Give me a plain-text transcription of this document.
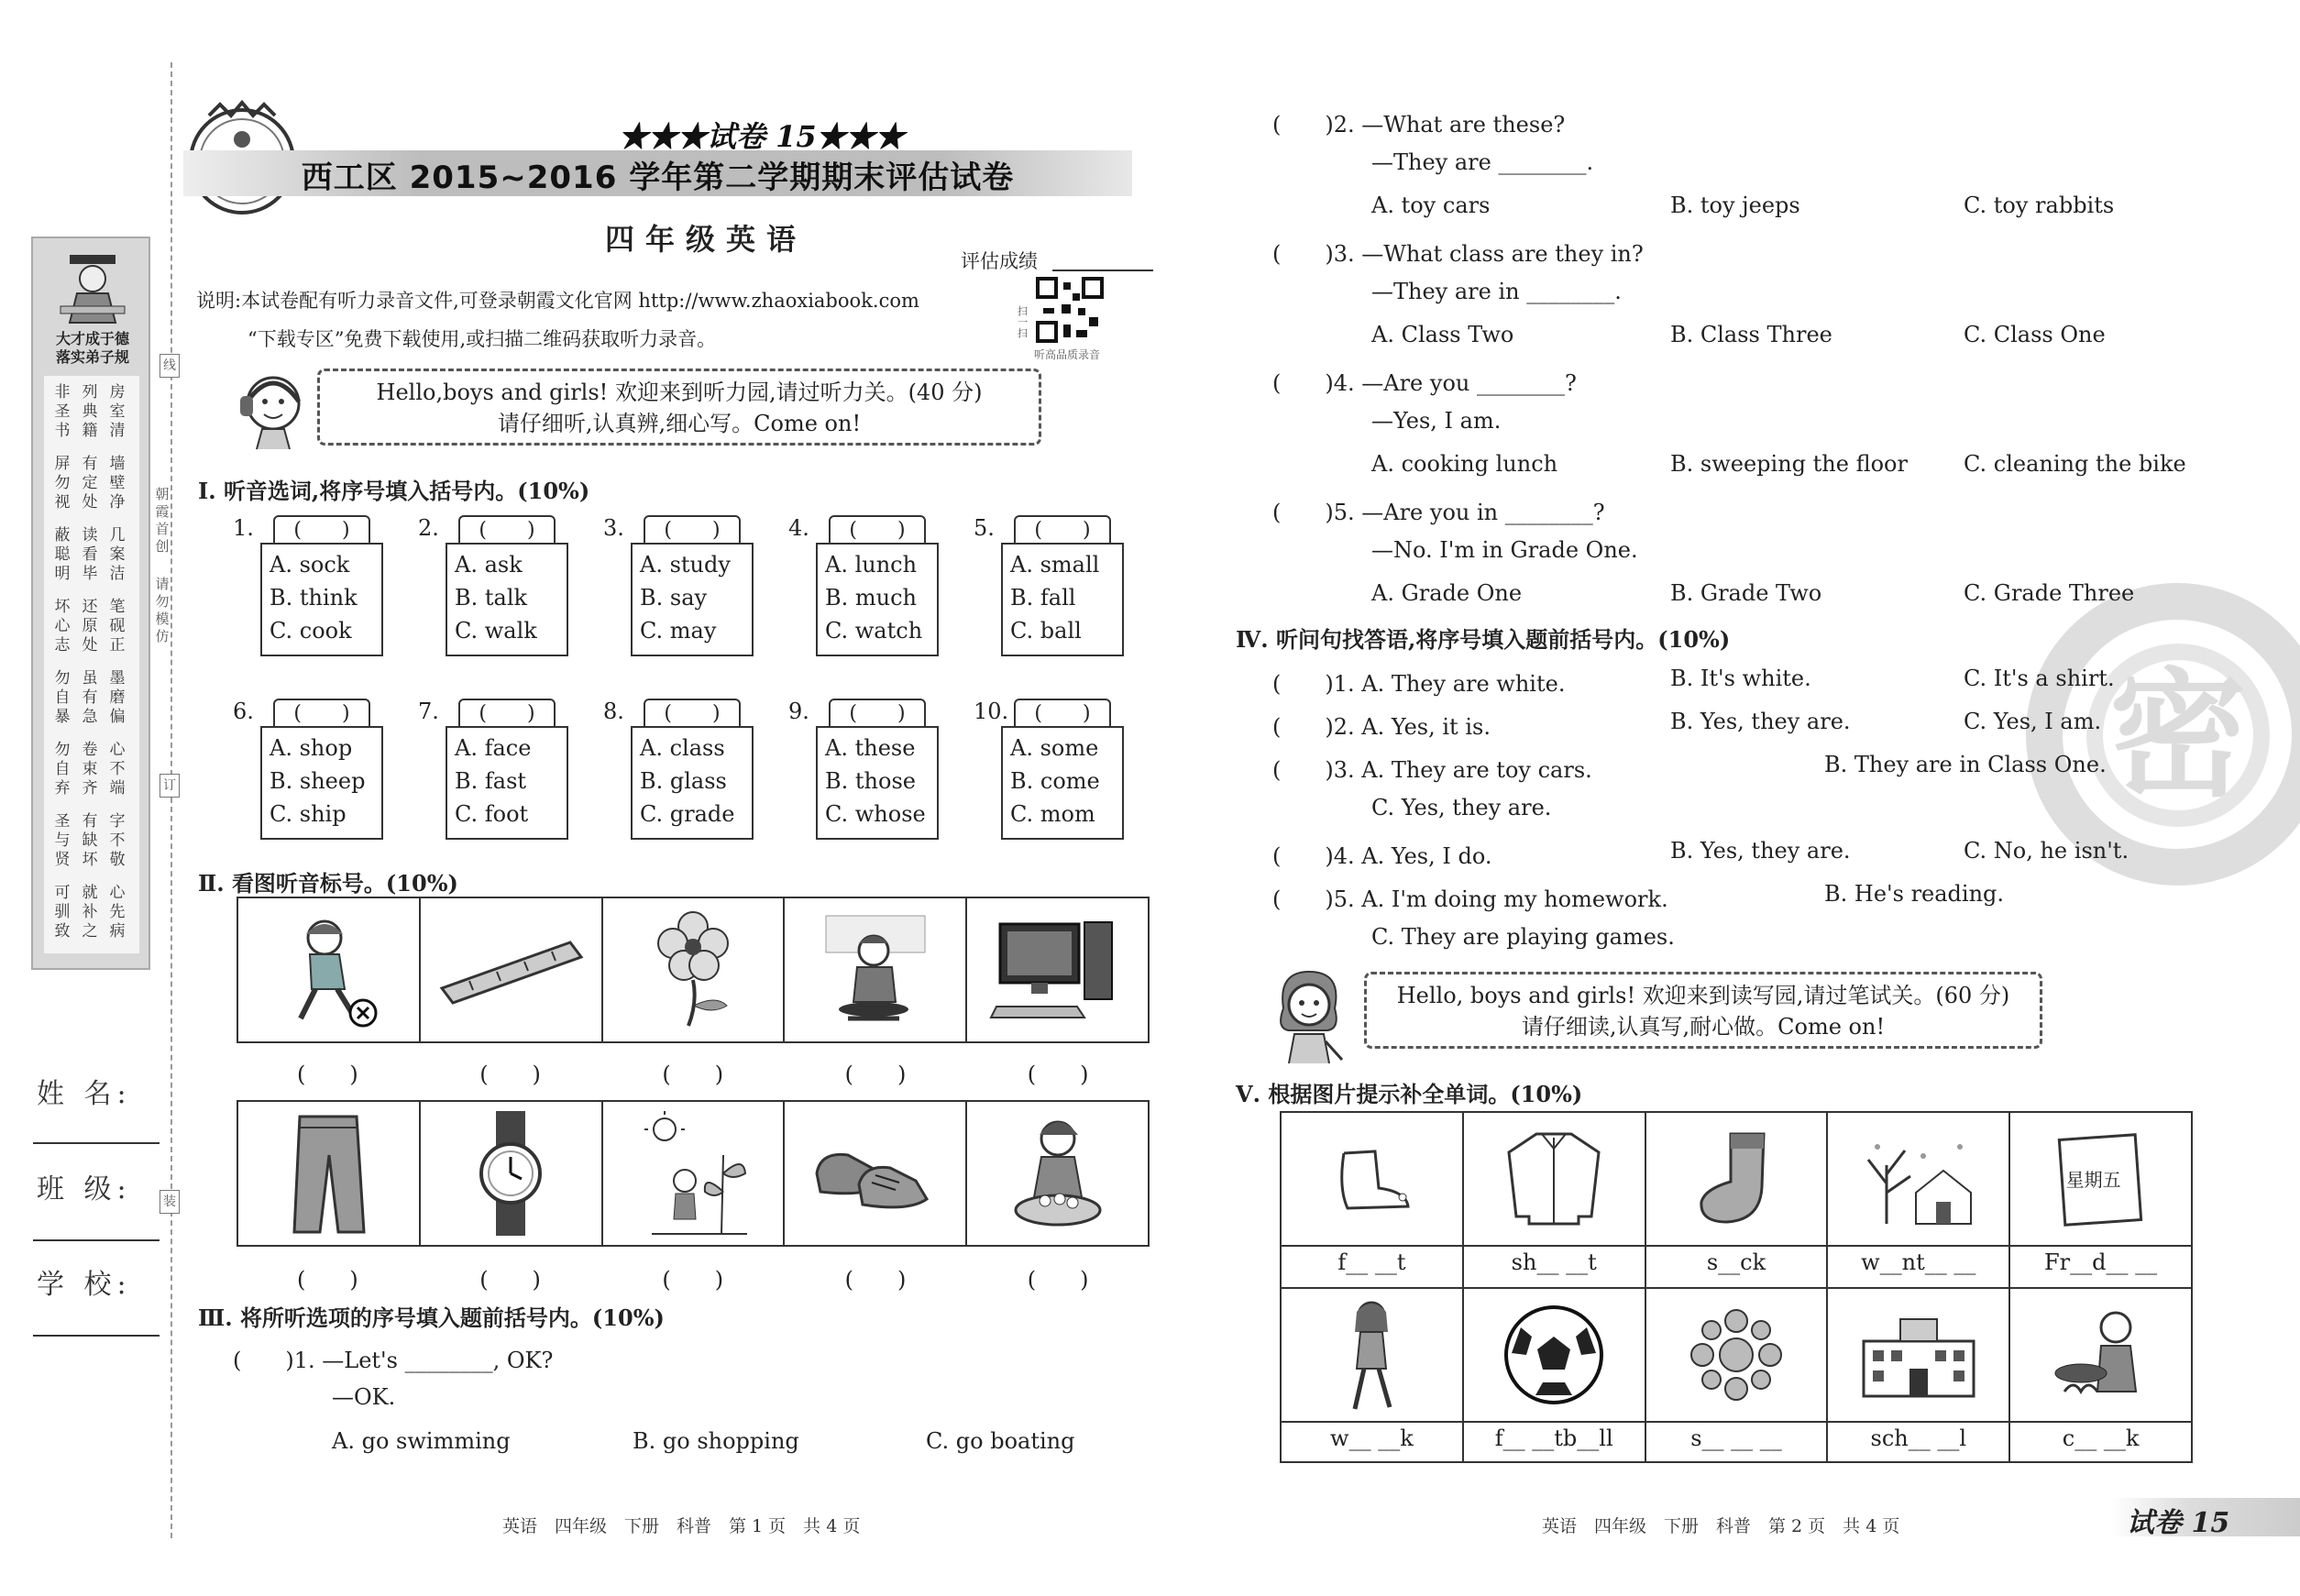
大才成于德
落实弟子规
非圣书
列典籍
房室清
屏勿视
有定处
墙壁净
蔽聪明
读看毕
几案洁
坏心志
还原处
笔砚正
勿自暴
虽有急
墨磨偏
勿自弃
卷束齐
心不端
圣与贤
有缺坏
字不敬
可驯致
就补之
心先病
朝霞首创
请勿模仿
线
订
装
姓 名:
班 级:
学 校:
★★★试卷 15★★★
西工区 2015~2016 学年第二学期期末评估试卷
四年级英语
评估成绩
说明:本试卷配有听力录音文件,可登录朝霞文化官网 http://www.zhaoxiabook.com
“下载专区”免费下载使用,或扫描二维码获取听力录音。
扫一扫
听高品质录音
Hello,boys and girls! 欢迎来到听力园,请过听力关。(40 分)
请仔细听,认真辨,细心写。Come on!
Ⅰ. 听音选词,将序号填入括号内。(10%)
1.	(　　)
A. sock
B. think
C. cook
2.	(　　)
A. ask
B. talk
C. walk
3.	(　　)
A. study
B. say
C. may
4.	(　　)
A. lunch
B. much
C. watch
5.	(　　)
A. small
B. fall
C. ball
6.	(　　)
A. shop
B. sheep
C. ship
7.	(　　)
A. face
B. fast
C. foot
8.	(　　)
A. class
B. glass
C. grade
9.	(　　)
A. these
B. those
C. whose
10.	(　　)
A. some
B. come
C. mom
Ⅱ. 看图听音标号。(10%)
(　　)	(　　)	(　　)	(　　)	(　　)
(　　)	(　　)	(　　)	(　　)	(　　)
Ⅲ. 将所听选项的序号填入题前括号内。(10%)
(　　)1. —Let's ________, OK?
—OK.
A. go swimming	B. go shopping	C. go boating
英语　四年级　下册　科普　第 1 页　共 4 页
密
(　　)2. —What are these?
—They are ________.
A. toy cars	B. toy jeeps	C. toy rabbits
(　　)3. —What class are they in?
—They are in ________.
A. Class Two	B. Class Three	C. Class One
(　　)4. —Are you ________?
—Yes, I am.
A. cooking lunch	B. sweeping the floor	C. cleaning the bike
(　　)5. —Are you in ________?
—No. I'm in Grade One.
A. Grade One	B. Grade Two	C. Grade Three
Ⅳ. 听问句找答语,将序号填入题前括号内。(10%)
(　　)1. A. They are white.	B. It's white.	C. It's a shirt.
(　　)2. A. Yes, it is.	B. Yes, they are.	C. Yes, I am.
(　　)3. A. They are toy cars.	B. They are in Class One.
C. Yes, they are.
(　　)4. A. Yes, I do.	B. Yes, they are.	C. No, he isn't.
(　　)5. A. I'm doing my homework.	B. He's reading.
C. They are playing games.
Hello, boys and girls! 欢迎来到读写园,请过笔试关。(60 分)
请仔细读,认真写,耐心做。Come on!
Ⅴ. 根据图片提示补全单词。(10%)
星期五
f__ __t	sh__ __t	s__ck	w__nt__ __	Fr__d__ __
w__ __k	f__ __tb__ll	s__ __ __	sch__ __l	c__ __k
英语　四年级　下册　科普　第 2 页　共 4 页	试卷 15
